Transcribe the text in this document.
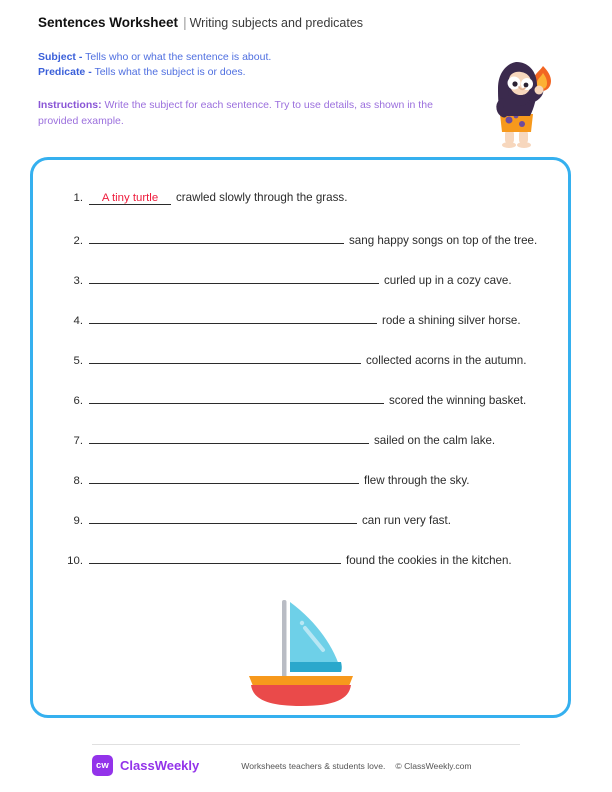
Sentences Worksheet | Writing subjects and predicates
Subject - Tells who or what the sentence is about.
Predicate - Tells what the subject is or does.
Instructions: Write the subject for each sentence. Try to use details, as shown in the provided example.
1.	A tiny turtle	crawled slowly through the grass.
2.	sang happy songs on top of the tree.
3.	curled up in a cozy cave.
4.	rode a shining silver horse.
5.	collected acorns in the autumn.
6.	scored the winning basket.
7.	sailed on the calm lake.
8.	flew through the sky.
9.	can run very fast.
10.	found the cookies in the kitchen.
cw ClassWeekly	Worksheets teachers & students love. © ClassWeekly.com
